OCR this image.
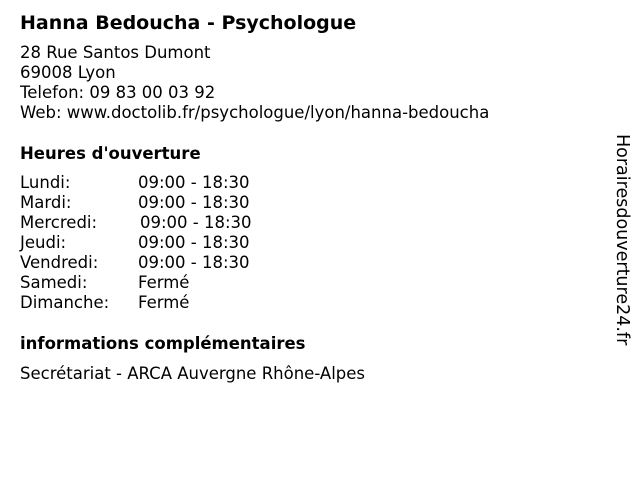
Hanna Bedoucha - Psychologue
28 Rue Santos Dumont
69008 Lyon
Telefon: 09 83 00 03 92
Web: www.doctolib.fr/psychologue/lyon/hanna-bedoucha
Heures d'ouverture
Lundi:	09:00 - 18:30
Mardi:	09:00 - 18:30
Mercredi:	09:00 - 18:30
Jeudi:	09:00 - 18:30
Vendredi: 09:00 - 18:30
Samedi:	Fermé
Dimanche: Fermé
informations complémentaires
Secrétariat - ARCA Auvergne Rhône-Alpes
Horairesdouverture24.fr
